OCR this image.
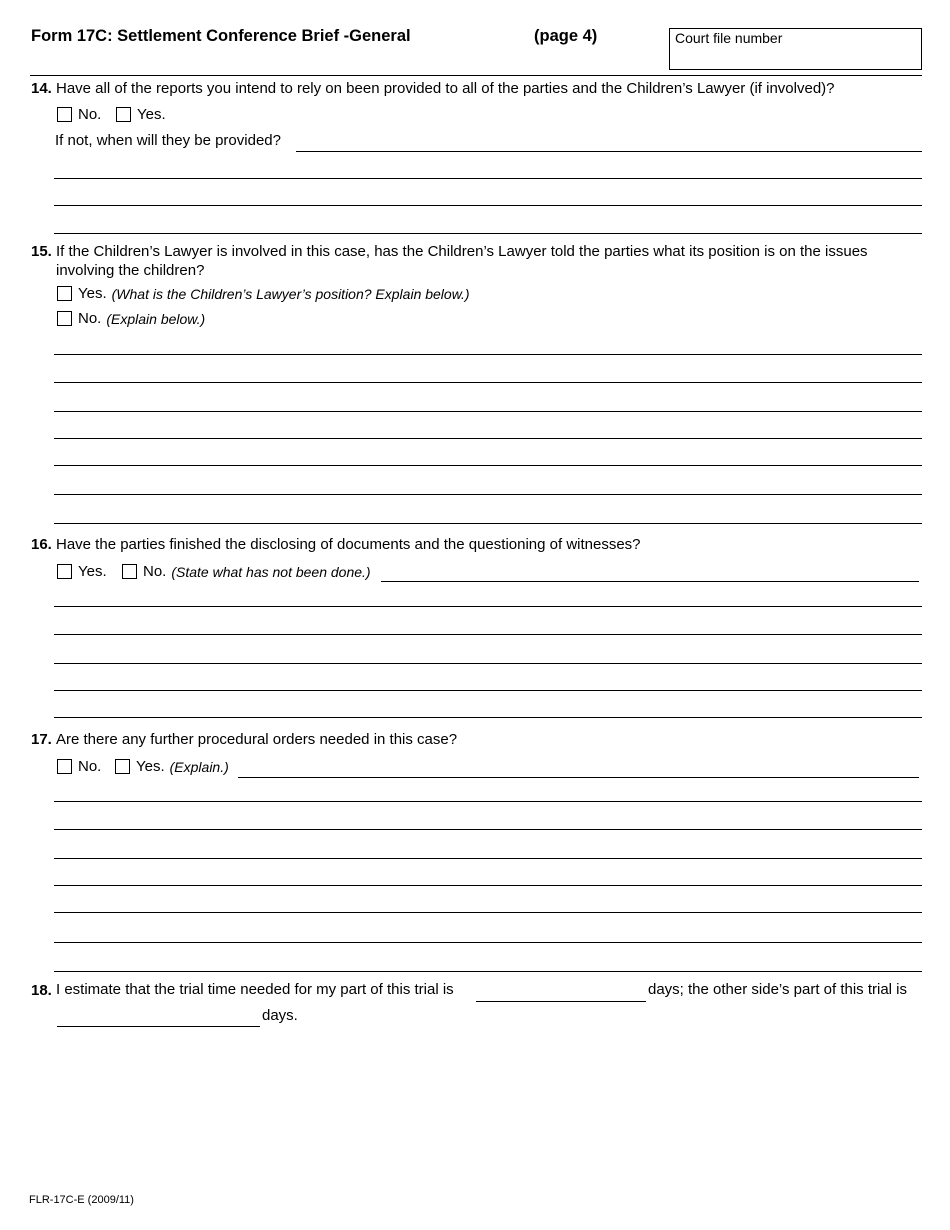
Form 17C: Settlement Conference Brief -General	(page 4)	Court file number
14. Have all of the reports you intend to rely on been provided to all of the parties and the Children’s Lawyer (if involved)?
No. Yes.
If not, when will they be provided?
15. If the Children’s Lawyer is involved in this case, has the Children’s Lawyer told the parties what its position is on the issues involving the children?
Yes. (What is the Children’s Lawyer’s position? Explain below.)
No. (Explain below.)
16. Have the parties finished the disclosing of documents and the questioning of witnesses?
Yes. No. (State what has not been done.)
17. Are there any further procedural orders needed in this case?
No. Yes. (Explain.)
18. I estimate that the trial time needed for my part of this trial is	days; the other side’s part of this trial is
days.
FLR-17C-E (2009/11)
